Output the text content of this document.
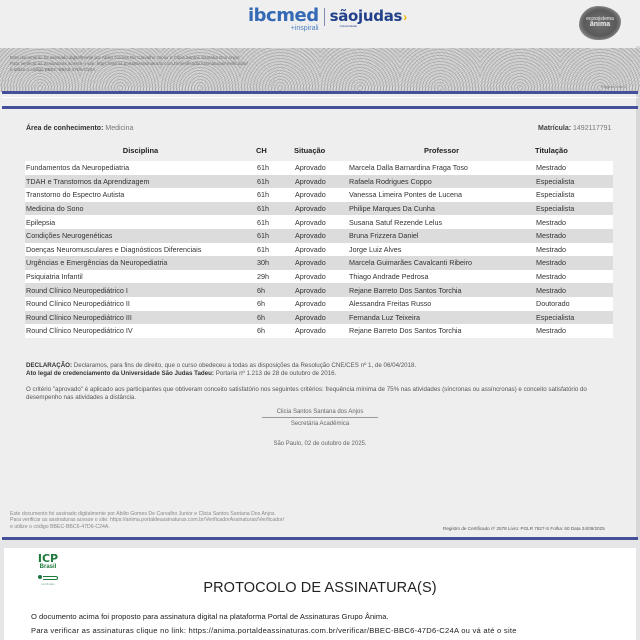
ibcmed
+inspirali
sãojudas›
Universidade
ecossistema
ânima
Este documento foi assinado digitalmente por Abilio Gomes De Carvalho Junior e Clicia Santos Santana Dos Anjos.
Para verificar as assinaturas acesse o site: https://anima.portaldeassinaturas.com.br/VerificadorAssinaturas/Verificador/
e utilize o código BBEC-BBC6-47D6-C24A.
Página 1 de 1
Área de conhecimento: Medicina	Matrícula: 1492117791
Disciplina	CH	Situação	Professor	Titulação
Fundamentos da Neuropediatria	61h	Aprovado	Marcela Dalla Barnardina Fraga Toso	Mestrado
TDAH e Transtornos da Aprendizagem	61h	Aprovado	Rafaela Rodrigues Coppo	Especialista
Transtorno do Espectro Autista	61h	Aprovado	Vanessa Limeira Pontes de Lucena	Especialista
Medicina do Sono	61h	Aprovado	Philipe Marques Da Cunha	Especialista
Epilepsia	61h	Aprovado	Susana Satuf Rezende Lelus	Mestrado
Condições Neurogenéticas	61h	Aprovado	Bruna Frizzera Daniel	Mestrado
Doenças Neuromusculares e Diagnósticos Diferenciais	61h	Aprovado	Jorge Luiz Alves	Mestrado
Urgências e Emergências da Neuropediatria	30h	Aprovado	Marcela Guimarães Cavalcanti Ribeiro	Mestrado
Psiquiatria Infantil	29h	Aprovado	Thiago Andrade Pedrosa	Mestrado
Round Clínico Neuropediátrico I	6h	Aprovado	Rejane Barreto Dos Santos Torchia	Mestrado
Round Clínico Neuropediátrico II	6h	Aprovado	Alessandra Freitas Russo	Doutorado
Round Clínico Neuropediátrico III	6h	Aprovado	Fernanda Luz Teixeira	Especialista
Round Clínico Neuropediátrico IV	6h	Aprovado	Rejane Barreto Dos Santos Torchia	Mestrado
DECLARAÇÃO: Declaramos, para fins de direito, que o curso obedeceu a todas as disposições da Resolução CNE/CES nº 1, de 06/04/2018.
Ato legal de credenciamento da Universidade São Judas Tadeu: Portaria nº 1.213 de 28 de outubro de 2016.
O critério "aprovado" é aplicado aos participantes que obtiveram conceito satisfatório nos seguintes critérios: frequência mínima de 75% nas atividades (síncronas ou assíncronas) e conceito satisfatório do desempenho nas atividades a distância.
Clicia Santos Santana dos Anjos
Secretária Acadêmica
São Paulo, 02 de outubro de 2025.
Este documento foi assinado digitalmente por Abilio Gomes De Carvalho Junior e Clicia Santos Santana Dos Anjos.
Para verificar as assinaturas acesse o site: https://anima.portaldeassinaturas.com.br/VerificadorAssinaturas/Verificador/
e utilize o código BBEC-BBC6-47D6-C24A.	Registro de Certificado nº 2578 Livro: PGLR 7827-S Folha: 60 Data 24/09/2025
ICP
Brasil
certificado	PROTOCOLO DE ASSINATURA(S)
O documento acima foi proposto para assinatura digital na plataforma Portal de Assinaturas Grupo Ânima.
Para verificar as assinaturas clique no link: https://anima.portaldeassinaturas.com.br/verificar/BBEC-BBC6-47D6-C24A ou vá até o site
